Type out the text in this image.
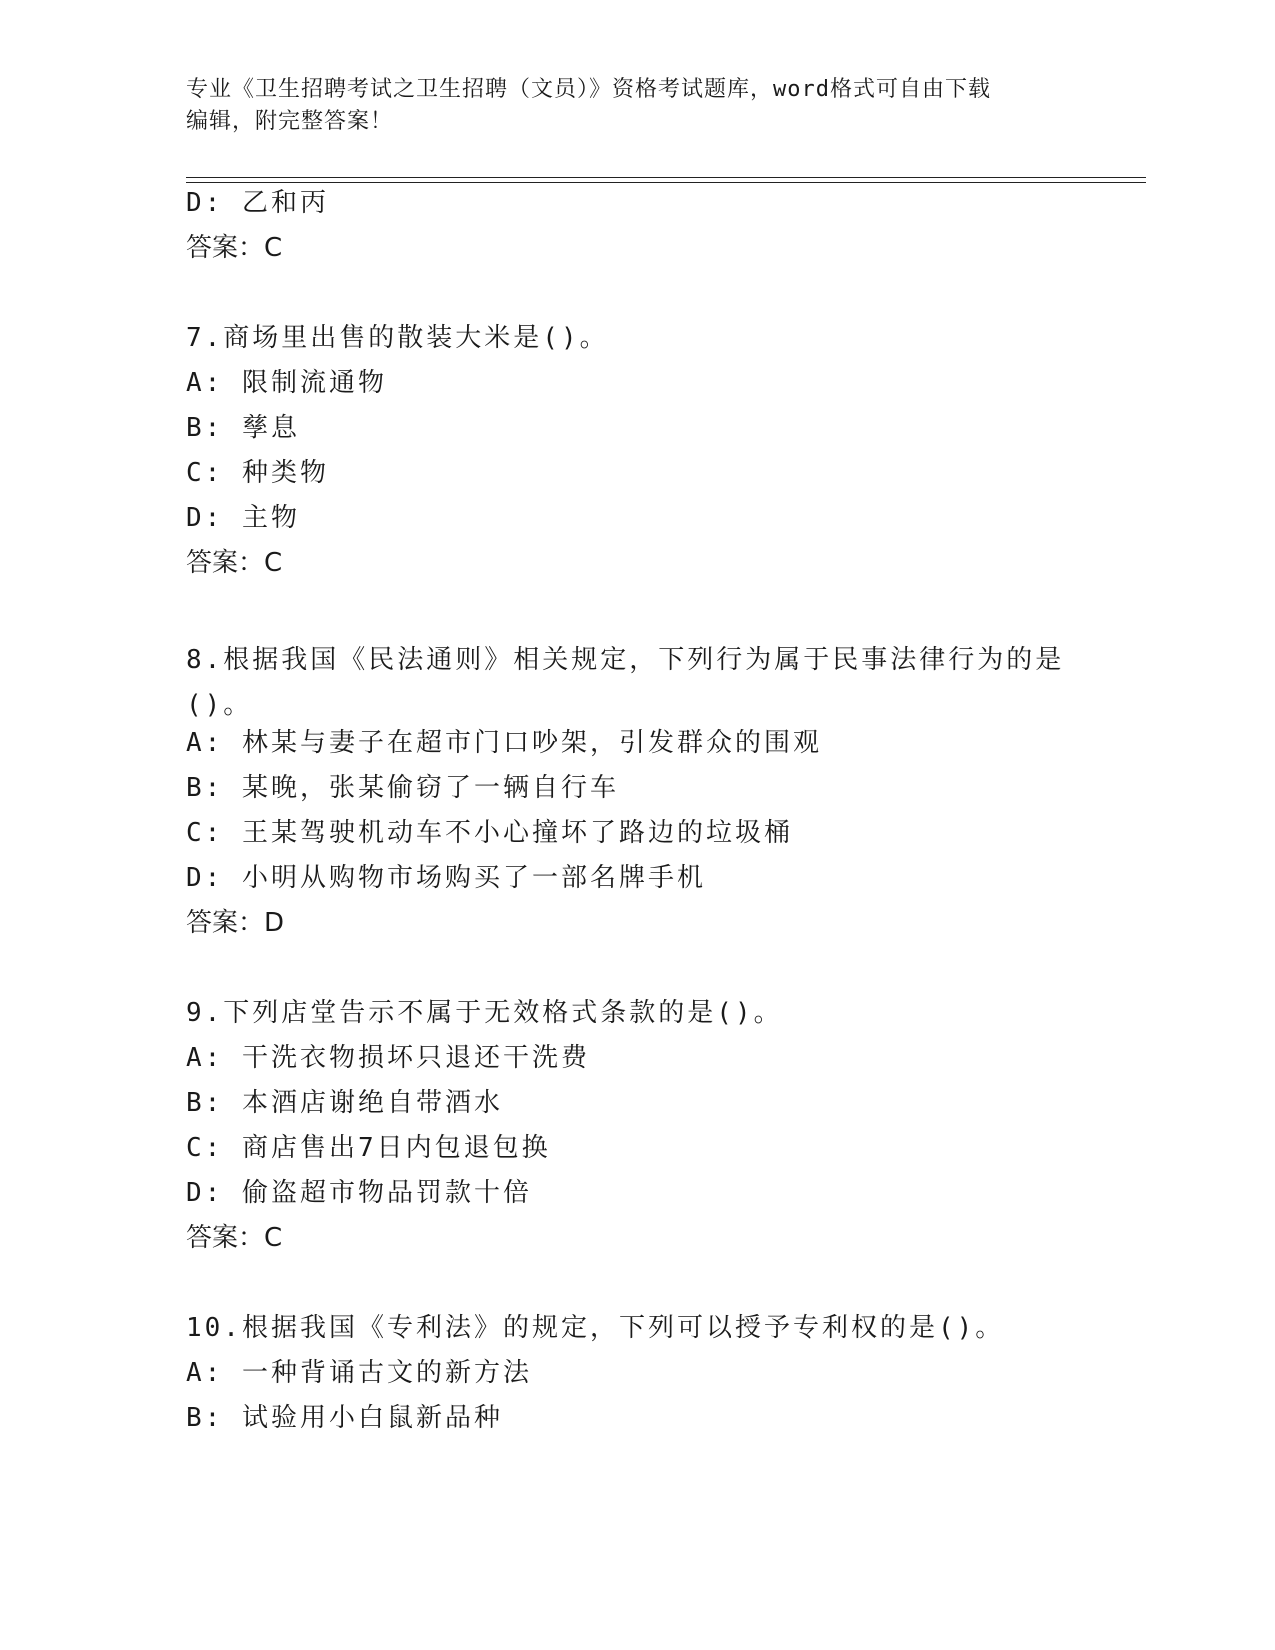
专业《卫生招聘考试之卫生招聘（文员）》资格考试题库，word格式可自由下载
编辑，附完整答案！
D: 乙和丙
答案：C
7.商场里出售的散装大米是()。
A: 限制流通物
B: 孳息
C: 种类物
D: 主物
答案：C
8.根据我国《民法通则》相关规定，下列行为属于民事法律行为的是()。
A: 林某与妻子在超市门口吵架，引发群众的围观
B: 某晚，张某偷窃了一辆自行车
C: 王某驾驶机动车不小心撞坏了路边的垃圾桶
D: 小明从购物市场购买了一部名牌手机
答案：D
9.下列店堂告示不属于无效格式条款的是()。
A: 干洗衣物损坏只退还干洗费
B: 本酒店谢绝自带酒水
C: 商店售出7日内包退包换
D: 偷盗超市物品罚款十倍
答案：C
10.根据我国《专利法》的规定，下列可以授予专利权的是()。
A: 一种背诵古文的新方法
B: 试验用小白鼠新品种
